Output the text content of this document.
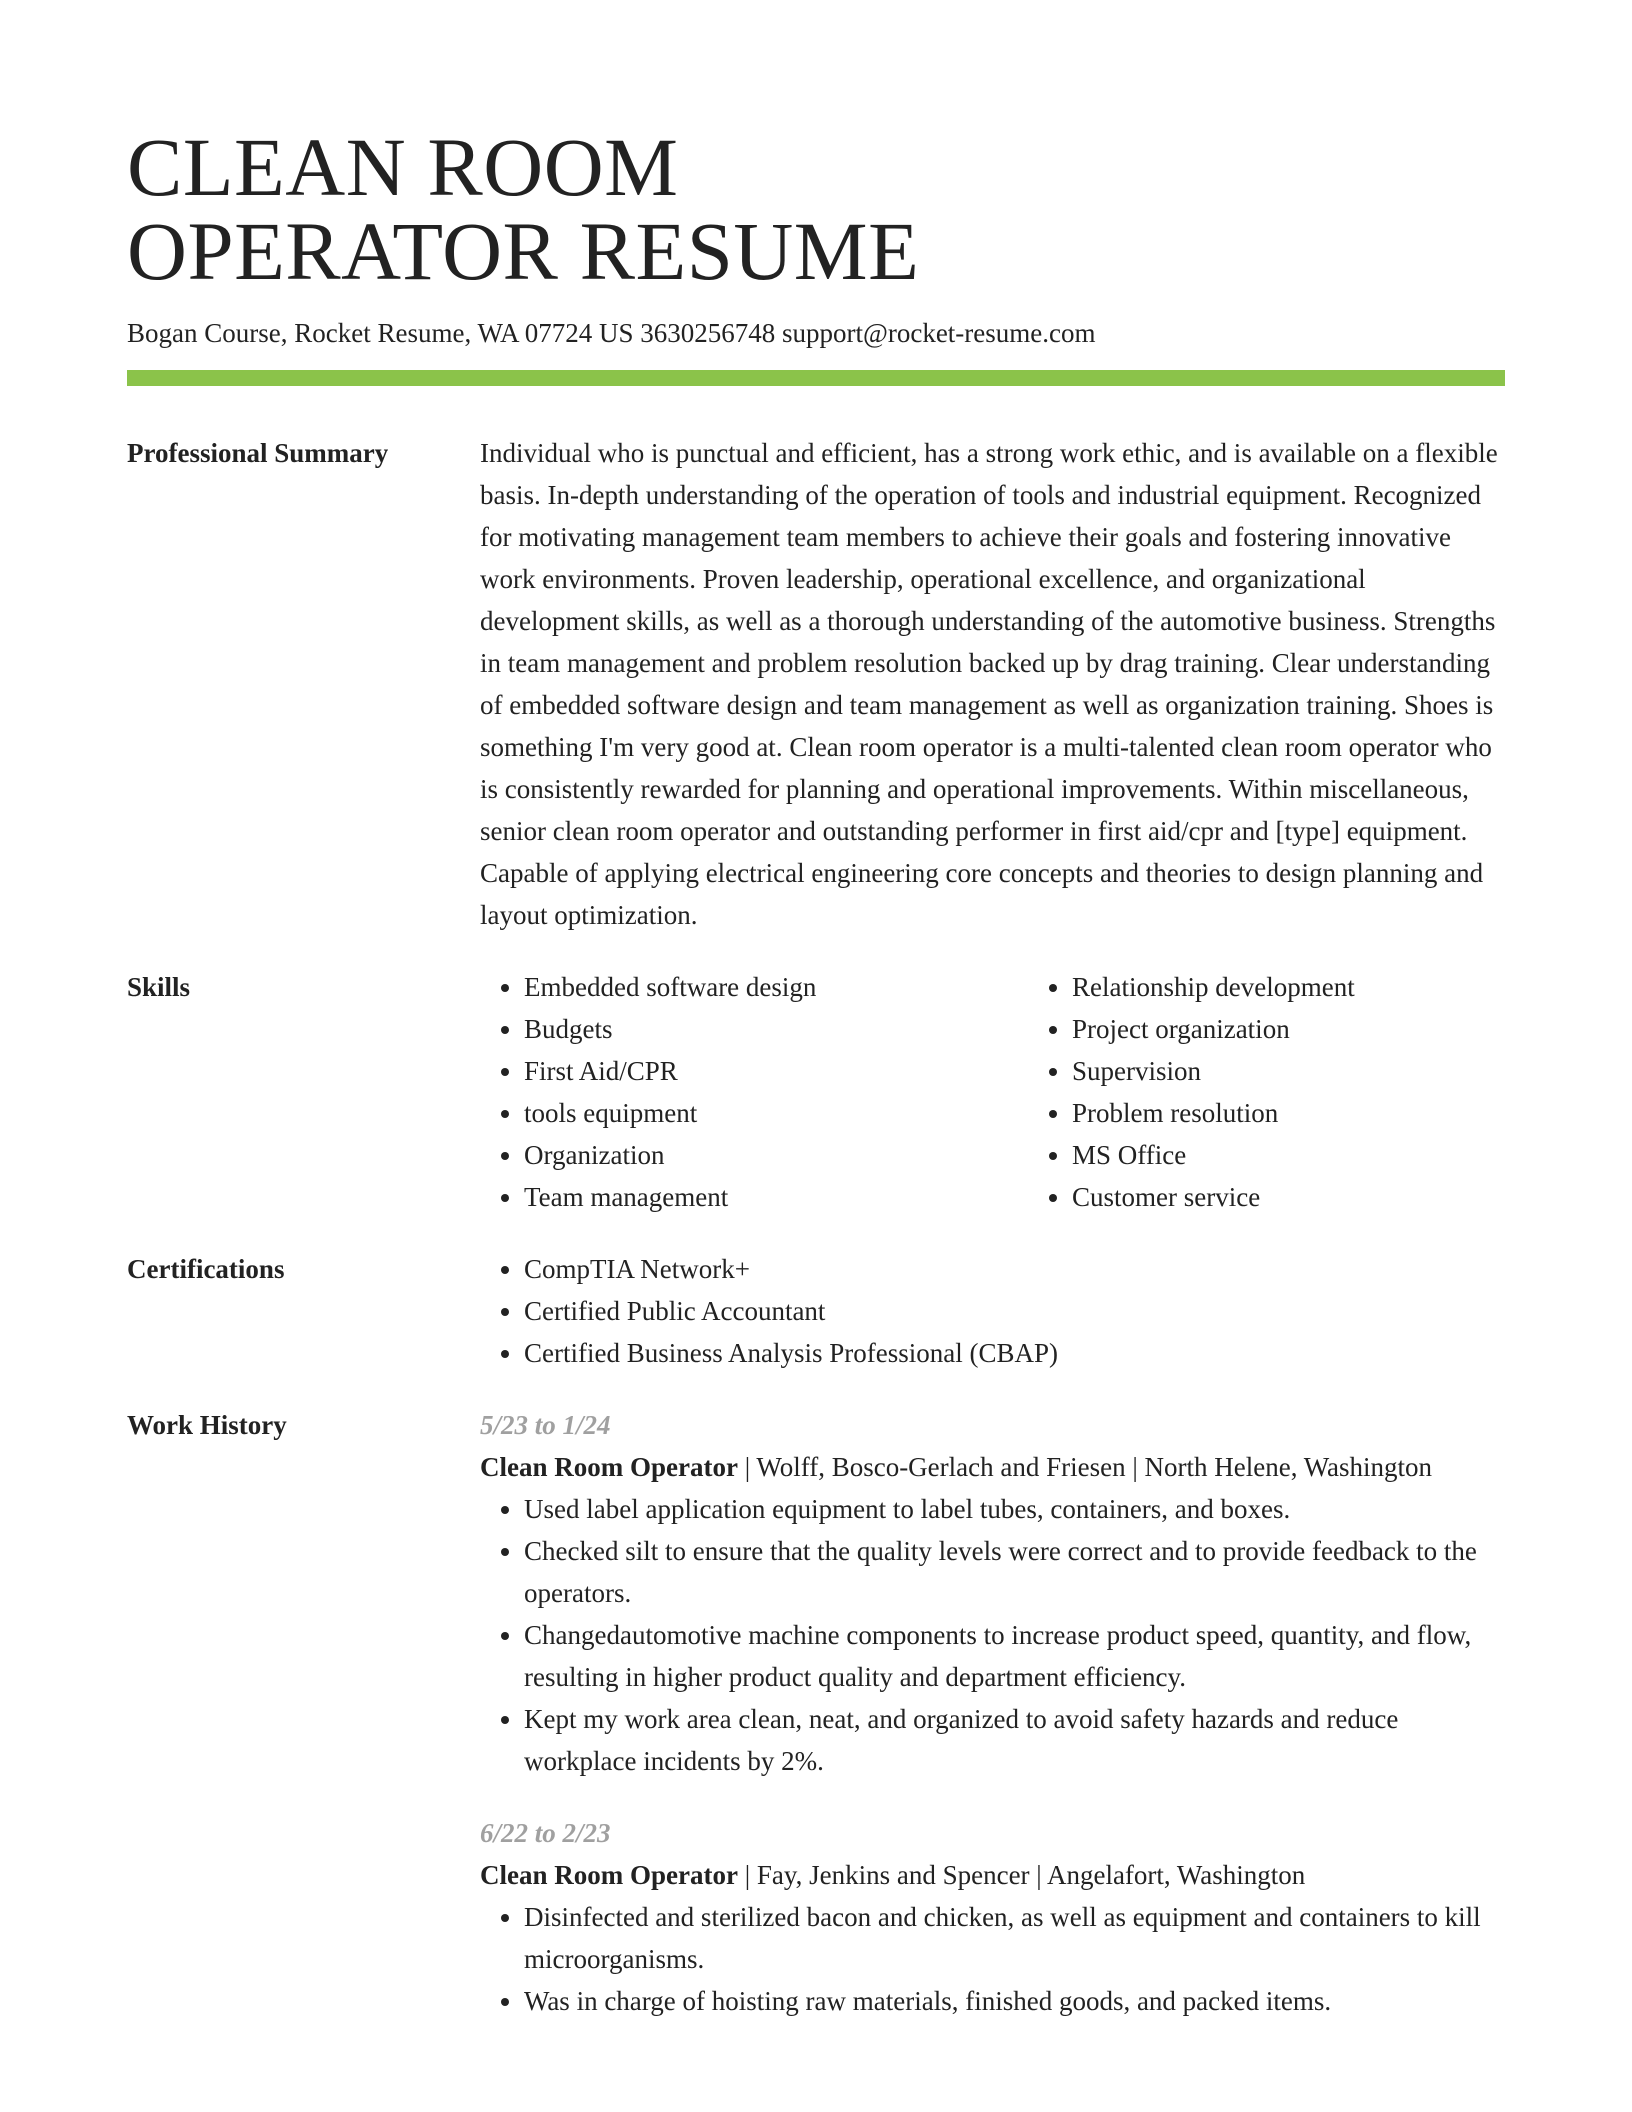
CLEAN ROOM
OPERATOR RESUME
Bogan Course, Rocket Resume, WA 07724 US 3630256748 support@rocket-resume.com
Professional Summary	Individual who is punctual and efficient, has a strong work ethic, and is available on a flexible basis. In-depth understanding of the operation of tools and industrial equipment. Recognized for motivating management team members to achieve their goals and fostering innovative work environments. Proven leadership, operational excellence, and organizational development skills, as well as a thorough understanding of the automotive business. Strengths in team management and problem resolution backed up by drag training. Clear understanding of embedded software design and team management as well as organization training. Shoes is something I'm very good at. Clean room operator is a multi-talented clean room operator who is consistently rewarded for planning and operational improvements. Within miscellaneous, senior clean room operator and outstanding performer in first aid/cpr and [type] equipment. Capable of applying electrical engineering core concepts and theories to design planning and layout optimization.

Skills	• Embedded software design
• Budgets
• First Aid/CPR
• tools equipment
• Organization
• Team management
• Relationship development
• Project organization
• Supervision
• Problem resolution
• MS Office
• Customer service
Certifications	• CompTIA Network+
• Certified Public Accountant
• Certified Business Analysis Professional (CBAP)
Work History	5/23 to 1/24
Clean Room Operator | Wolff, Bosco-Gerlach and Friesen | North Helene, Washington
• Used label application equipment to label tubes, containers, and boxes.
• Checked silt to ensure that the quality levels were correct and to provide feedback to the operators.
• Changedautomotive machine components to increase product speed, quantity, and flow, resulting in higher product quality and department efficiency.
• Kept my work area clean, neat, and organized to avoid safety hazards and reduce workplace incidents by 2%.
6/22 to 2/23
Clean Room Operator | Fay, Jenkins and Spencer | Angelafort, Washington
• Disinfected and sterilized bacon and chicken, as well as equipment and containers to kill microorganisms.
• Was in charge of hoisting raw materials, finished goods, and packed items.
